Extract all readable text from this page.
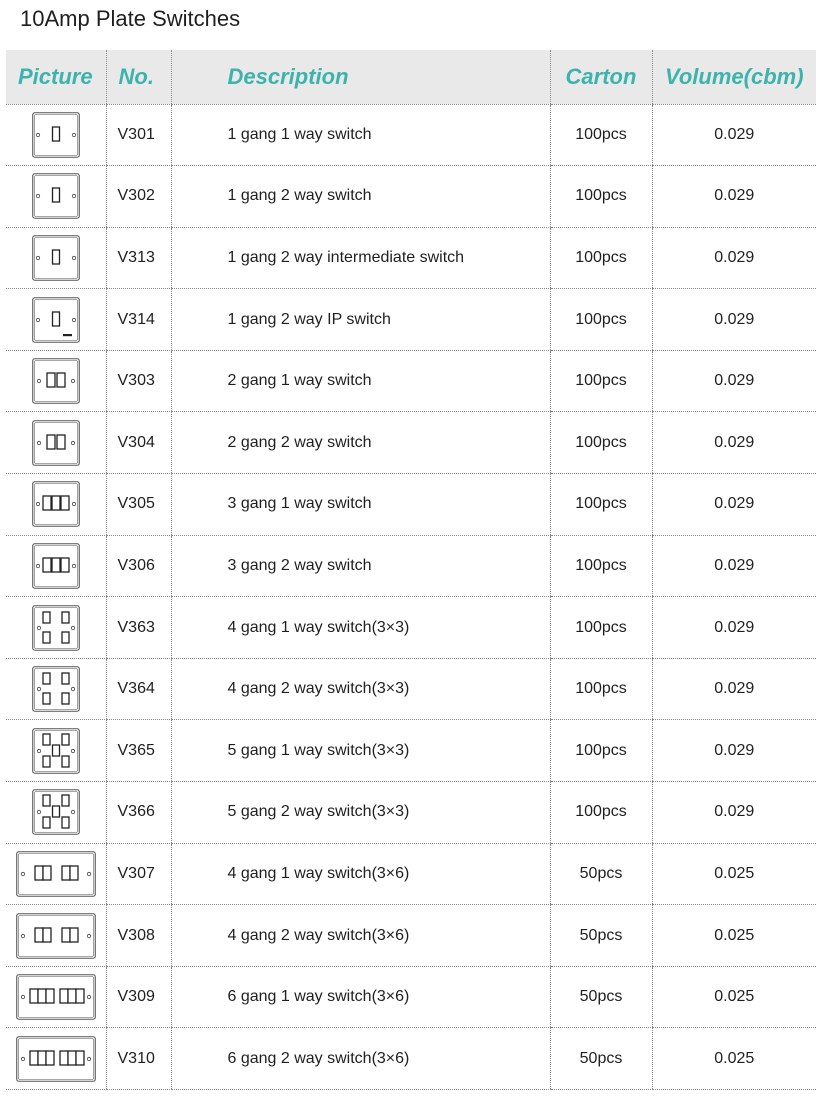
10Amp Plate Switches
Picture	No.	Description	Carton	Volume(cbm)

	V301	1 gang 1 way switch	100pcs	0.029

	V302	1 gang 2 way switch	100pcs	0.029

	V313	1 gang 2 way intermediate switch	100pcs	0.029

	V314	1 gang 2 way IP switch	100pcs	0.029

	V303	2 gang 1 way switch	100pcs	0.029

	V304	2 gang 2 way switch	100pcs	0.029

	V305	3 gang 1 way switch	100pcs	0.029

	V306	3 gang 2 way switch	100pcs	0.029

	V363	4 gang 1 way switch(3×3)	100pcs	0.029

	V364	4 gang 2 way switch(3×3)	100pcs	0.029

	V365	5 gang 1 way switch(3×3)	100pcs	0.029

	V366	5 gang 2 way switch(3×3)	100pcs	0.029

	V307	4 gang 1 way switch(3×6)	50pcs	0.025

	V308	4 gang 2 way switch(3×6)	50pcs	0.025

	V309	6 gang 1 way switch(3×6)	50pcs	0.025

	V310	6 gang 2 way switch(3×6)	50pcs	0.025
